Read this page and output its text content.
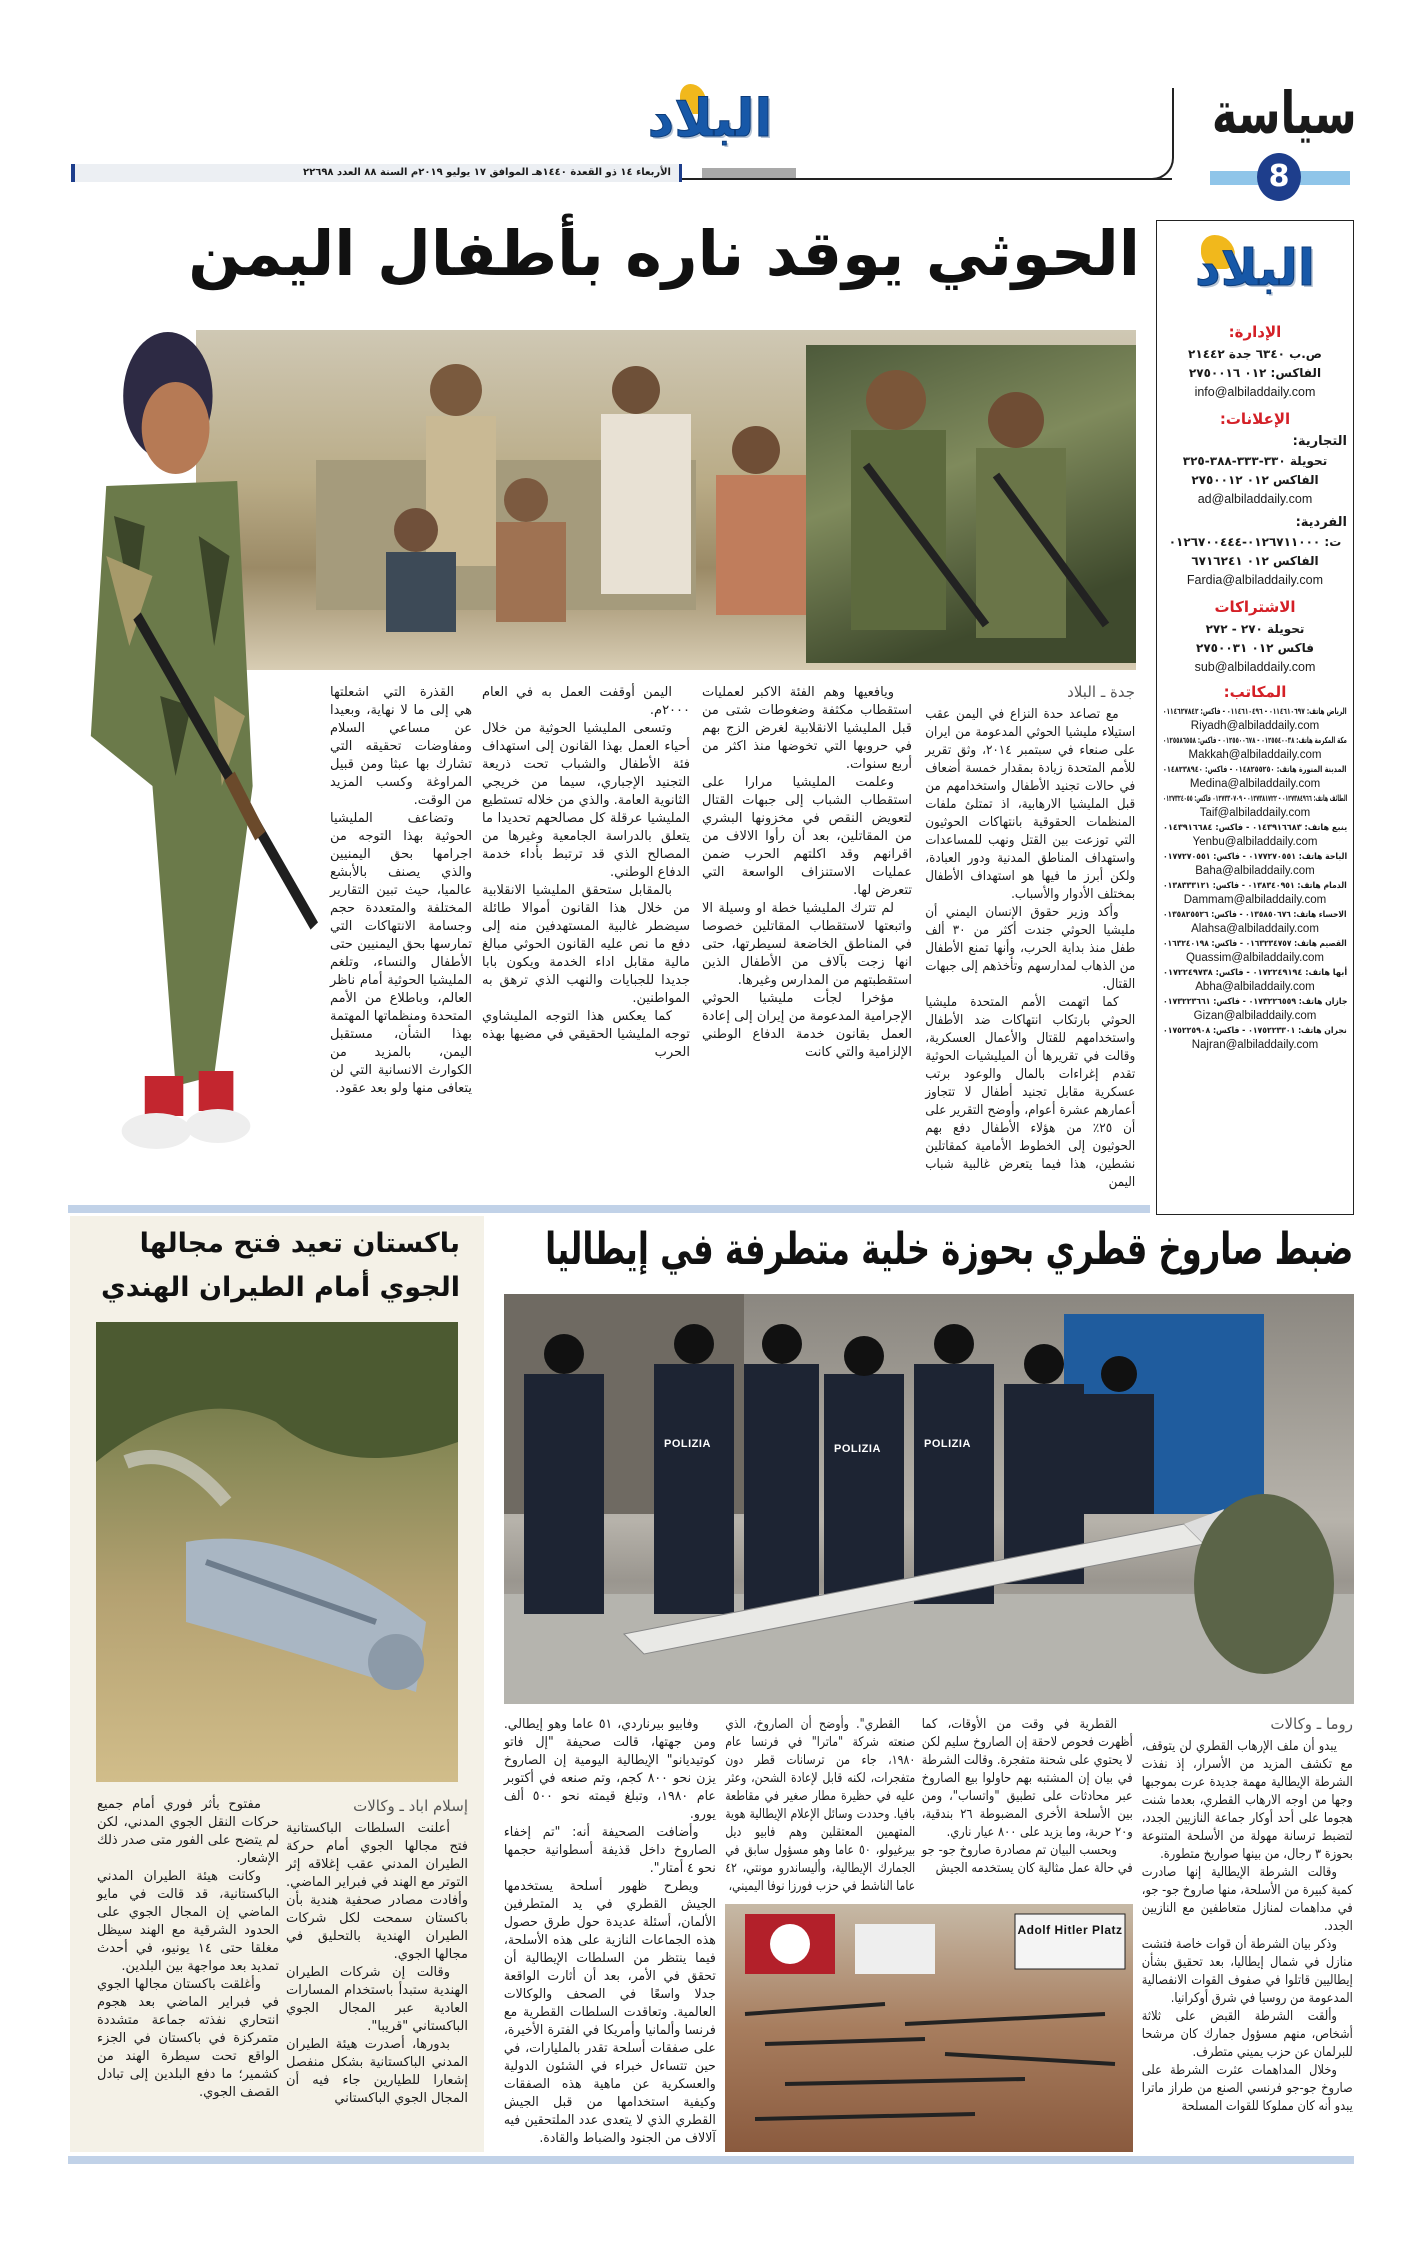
سياسة
8
الأربعاء ١٤ ذو القعدة ١٤٤٠هـ الموافق ١٧ يوليو ٢٠١٩م السنة ٨٨ العدد ٢٢٦٩٨
البلاد
البلاد
الإدارة:
ص.ب ٦٣٤٠ جدة ٢١٤٤٢
الفاكس: ٠١٢ ٢٧٥٠٠١٦
info@albiladdaily.com
الإعلانات:
التجارية:
تحويلة ٣٣٠-٣٣٣-٣٨٨-٣٢٥
الفاكس ٠١٢ ٢٧٥٠٠١٢
ad@albiladdaily.com
الفردية:
ت: ٠١٢٦٧١١٠٠٠-٠١٢٦٧٠٠٤٤٤
الفاكس ٠١٢ ٦٧١٦٢٤١
Fardia@albiladdaily.com
الاشتراكات
تحويلة ٢٧٠ - ٢٧٢
فاكس ٠١٢ ٢٧٥٠٠٣١
sub@albiladdaily.com
المكاتب:
الرياض هاتف: ٠١١٤٦١٠٦٩٧ - ٠١١٤٦١٠٤٩٦ - فاكس: ٠١١٤٦٢٧٨٤٢
Riyadh@albiladdaily.com
مكة المكرمة هاتف: ٠١٢٥٥٤٠٠٣٨ - ٠١٢٥٥٠٠٦٧٨ - فاكس: ٠١٢٥٥٨٦٥٥٨
Makkah@albiladdaily.com
المدينة المنورة هاتف: ٠١٤٨٢٥٥٢٥٠ - فاكس: ٠١٤٨٢٣٨٩٤٠
Medina@albiladdaily.com
الطائف هاتف: ٠١٢٧٣٨٤٩٦٦ - ٠١٢٧٣٨١٧٢٢ - ٠١٢٧٣٣٠٧٠٩ فاكس: ٠١٢٧٣٢٤٠٥٥
Taif@albiladdaily.com
ينبع هاتف: ٠١٤٣٩١٦٦٨٣ - فاكس: ٠١٤٣٩١٦٦٨٤
Yenbu@albiladdaily.com
الباحة هاتف: ٠١٧٧٢٧٠٥٥١ - فاكس: ٠١٧٧٢٧٠٥٥١
Baha@albiladdaily.com
الدمام هاتف: ٠١٣٨٣٤٠٩٥١ - فاكس: ٠١٣٨٣٣٣١٢١
Dammam@albiladdaily.com
الاحساء هاتف: ٠١٣٥٨٥٠٦٧٦ - فاكس: ٠١٣٥٨٢٥٥٢٦
Alahsa@albiladdaily.com
القصيم هاتف: ٠١٦٣٢٣٤٧٥٧ - فاكس: ٠١٦٣٢٤٠١٩٨
Quassim@albiladdaily.com
أبها هاتف: ٠١٧٢٢٤٩١٩٤ - فاكس: ٠١٧٢٢٤٩٧٣٨
Abha@albiladdaily.com
جازان هاتف: ٠١٧٣٢٢٦٥٥٩ - فاكس: ٠١٧٣٢٢٣٦٦١
Gizan@albiladdaily.com
نجران هاتف: ٠١٧٥٢٢٣٣٠١ - فاكس: ٠١٧٥٢٢٥٩٠٨
Najran@albiladdaily.com
الحوثي يوقد ناره بأطفال اليمن
جدة ـ البلاد

مع تصاعد حدة النزاع في اليمن عقب استيلاء مليشيا الحوثي المدعومة من ايران على صنعاء في سبتمبر ٢٠١٤، وثق تقرير للأمم المتحدة زيادة بمقدار خمسة أضعاف في حالات تجنيد الأطفال واستخدامهم من قبل المليشيا الارهابية، اذ تمتلئ ملفات المنظمات الحقوقية بانتهاكات الحوثيون التي توزعت بين القتل ونهب للمساعدات واستهداف المناطق المدنية ودور العبادة، ولكن أبرز ما فيها هو استهداف الأطفال بمختلف الأدوار والأسباب.

وأكد وزير حقوق الإنسان اليمني أن مليشيا الحوثي جندت أكثر من ٣٠ ألف طفل منذ بداية الحرب، وأنها تمنع الأطفال من الذهاب لمدارسهم وتأخذهم إلى جبهات القتال.

كما اتهمت الأمم المتحدة مليشيا الحوثي بارتكاب انتهاكات ضد الأطفال واستخدامهم للقتال والأعمال العسكرية، وقالت في تقريرها أن الميليشيات الحوثية تقدم إغراءات بالمال والوعود برتب عسكرية مقابل تجنيد أطفال لا تتجاوز أعمارهم عشرة أعوام، وأوضح التقرير على أن ٢٥٪ من هؤلاء الأطفال دفع بهم الحوثيون إلى الخطوط الأمامية كمقاتلين نشطين، هذا فيما يتعرض غالبية شباب اليمن

ويافعيها وهم الفئة الاكبر لعمليات استقطاب مكثفة وضغوطات شتى من قبل المليشيا الانقلابية لغرض الزج بهم في حروبها التي تخوضها منذ اكثر من أربع سنوات.

وعلمت المليشيا مرارا على استقطاب الشباب إلى جبهات القتال لتعويض النقص في مخزونها البشري من المقاتلين، بعد أن رأوا الالاف من اقرانهم وقد اكلتهم الحرب ضمن عمليات الاستنزاف الواسعة التي تتعرض لها.

لم تترك المليشيا خطة او وسيلة الا واتبعتها لاستقطاب المقاتلين خصوصا في المناطق الخاضعة لسيطرتها، حتى انها زجت بآلاف من الأطفال الذين استقطبتهم من المدارس وغيرها.

مؤخرا لجأت مليشيا الحوثي الإجرامية المدعومة من إيران إلى إعادة العمل بقانون خدمة الدفاع الوطني الإلزامية والتي كانت

اليمن أوقفت العمل به في العام ٢٠٠٠م.

وتسعى المليشيا الحوثية من خلال أحياء العمل بهذا القانون إلى استهداف فئة الأطفال والشباب تحت ذريعة التجنيد الإجباري، سيما من خريجي الثانوية العامة. والذي من خلاله تستطيع المليشيا عرقلة كل مصالحهم تحديدا ما يتعلق بالدراسة الجامعية وغيرها من المصالح الذي قد ترتبط بأداء خدمة الدفاع الوطني.

بالمقابل ستحقق المليشيا الانقلابية من خلال هذا القانون أموالا طائلة سيضطر غالبية المستهدفين منه إلى دفع ما نص عليه القانون الحوثي مبالغ مالية مقابل اداء الخدمة ويكون بابا جديدا للجبايات والنهب الذي ترهق به المواطنين.

كما يعكس هذا التوجه المليشاوي توجه المليشيا الحقيقي في مضيها بهذه الحرب

القذرة التي اشعلتها هي إلى ما لا نهاية، وبعيدا عن مساعي السلام ومفاوضات تحقيقه التي تشارك بها عبثا ومن قبيل المراوغة وكسب المزيد من الوقت.

وتضاعف المليشيا الحوثية بهذا التوجه من اجرامها بحق اليمنيين والذي يصنف بالأبشع عالميا، حيث تبين التقارير المختلفة والمتعددة حجم وجسامة الانتهاكات التي تمارسها بحق اليمنيين حتى الأطفال والنساء، وتلغم المليشيا الحوثية أمام ناظر العالم، وباطلاع من الأمم المتحدة ومنظماتها المهتمة بهذا الشأن، مستقبل اليمن، بالمزيد من الكوارث الانسانية التي لن يتعافى منها ولو بعد عقود.

باكستان تعيد فتح مجالها
الجوي أمام الطيران الهندي
إسلام اباد ـ وكالات

أعلنت السلطات الباكستانية فتح مجالها الجوي أمام حركة الطيران المدني عقب إغلاقه إثر التوتر مع الهند في فبراير الماضي. وأفادت مصادر صحفية هندية بأن باكستان سمحت لكل شركات الطيران الهندية بالتحليق في مجالها الجوي.

وقالت إن شركات الطيران الهندية ستبدأ باستخدام المسارات العادية عبر المجال الجوي الباكستاني "قريبا".

بدورها، أصدرت هيئة الطيران المدني الباكستانية بشكل منفصل إشعارا للطيارين جاء فيه أن المجال الجوي الباكستاني

مفتوح بأثر فوري أمام جميع حركات النقل الجوي المدني، لكن لم يتضح على الفور متى صدر ذلك الإشعار.

وكانت هيئة الطيران المدني الباكستانية، قد قالت في مايو الماضي إن المجال الجوي على الحدود الشرقية مع الهند سيظل مغلقا حتى ١٤ يونيو، في أحدث تمديد بعد مواجهة بين البلدين.

وأغلقت باكستان مجالها الجوي في فبراير الماضي بعد هجوم انتحاري نفذته جماعة متشددة متمركزة في باكستان في الجزء الواقع تحت سيطرة الهند من كشمير؛ ما دفع البلدين إلى تبادل القصف الجوي.

ضبط صاروخ قطري بحوزة خلية متطرفة في إيطاليا
POLIZIA	POLIZIA	POLIZIA
روما ـ وكالات

يبدو أن ملف الإرهاب القطري لن يتوقف، مع تكشف المزيد من الأسرار، إذ نفذت الشرطة الإيطالية مهمة جديدة عرت بموجبها وجها من اوجه الارهاب القطري، بعدما شنت هجوما على أحد أوكار جماعة النازيين الجدد، لتضبط ترسانة مهولة من الأسلحة المتنوعة بحوزة ٣ رجال، من بينها صواريخ متطورة.

وقالت الشرطة الإيطالية إنها صادرت كمية كبيرة من الأسلحة، منها صاروخ جو- جو، في مداهمات لمنازل متعاطفين مع النازيين الجدد.

وذكر بيان الشرطة أن قوات خاصة فتشت منازل في شمال إيطاليا، بعد تحقيق بشأن إيطاليين قاتلوا في صفوف القوات الانفصالية المدعومة من روسيا في شرق أوكرانيا.

وألقت الشرطة القبض على ثلاثة أشخاص، منهم مسؤول جمارك كان مرشحا للبرلمان عن حزب يميني متطرف.

وخلال المداهمات عثرت الشرطة على صاروخ جو-جو فرنسي الصنع من طراز ماترا يبدو أنه كان مملوكا للقوات المسلحة

القطرية في وقت من الأوقات، كما أظهرت فحوص لاحقة إن الصاروخ سليم لكن لا يحتوي على شحنة متفجرة. وقالت الشرطة في بيان إن المشتبه بهم حاولوا بيع الصاروخ عبر محادثات على تطبيق "واتساب"، ومن بين الأسلحة الأخرى المضبوطة ٢٦ بندقية، و٢٠ حربة، وما يزيد على ٨٠٠ عيار ناري.

وبحسب البيان تم مصادرة صاروخ جو- جو في حالة عمل مثالية كان يستخدمه الجيش

القطري". وأوضح أن الصاروخ، الذي صنعته شركة "ماترا" في فرنسا عام ١٩٨٠، جاء من ترسانات قطر دون متفجرات، لكنه قابل لإعادة الشحن، وعثر عليه في حظيرة مطار صغير في مقاطعة بافيا. وحددت وسائل الإعلام الإيطالية هوية المتهمين المعتقلين وهم فابيو ديل بيرغيولو، ٥٠ عاما وهو مسؤول سابق في الجمارك الإيطالية، وأليساندرو مونتي، ٤٢ عاما الناشط في حزب فورزا نوفا اليميني،

وفابيو بيرناردي، ٥١ عاما وهو إيطالي. ومن جهتها، قالت صحيفة "إل فاتو كوتيديانو" الإيطالية اليومية إن الصاروخ يزن نحو ٨٠٠ كجم، وتم صنعه في أكتوبر عام ١٩٨٠، وتبلغ قيمته نحو ٥٠٠ ألف يورو.

وأضافت الصحيفة أنه: "تم إخفاء الصاروخ داخل قذيفة أسطوانية حجمها نحو ٤ أمتار".

ويطرح ظهور أسلحة يستخدمها الجيش القطري في يد المتطرفين الألمان، أسئلة عديدة حول طرق حصول هذه الجماعات النازية على هذه الأسلحة، فيما ينتظر من السلطات الإيطالية أن تحقق في الأمر، بعد أن أثارت الواقعة جدلا واسعًا في الصحف والوكالات العالمية. وتعاقدت السلطات القطرية مع فرنسا وألمانيا وأمريكا في الفترة الأخيرة، على صفقات أسلحة تقدر بالمليارات، في حين تتساءل خبراء في الشئون الدولية والعسكرية عن ماهية هذه الصفقات وكيفية استخدامها من قبل الجيش القطري الذي لا يتعدى عدد الملتحقين فيه آلالاف من الجنود والضباط والقادة.

Adolf Hitler Platz
